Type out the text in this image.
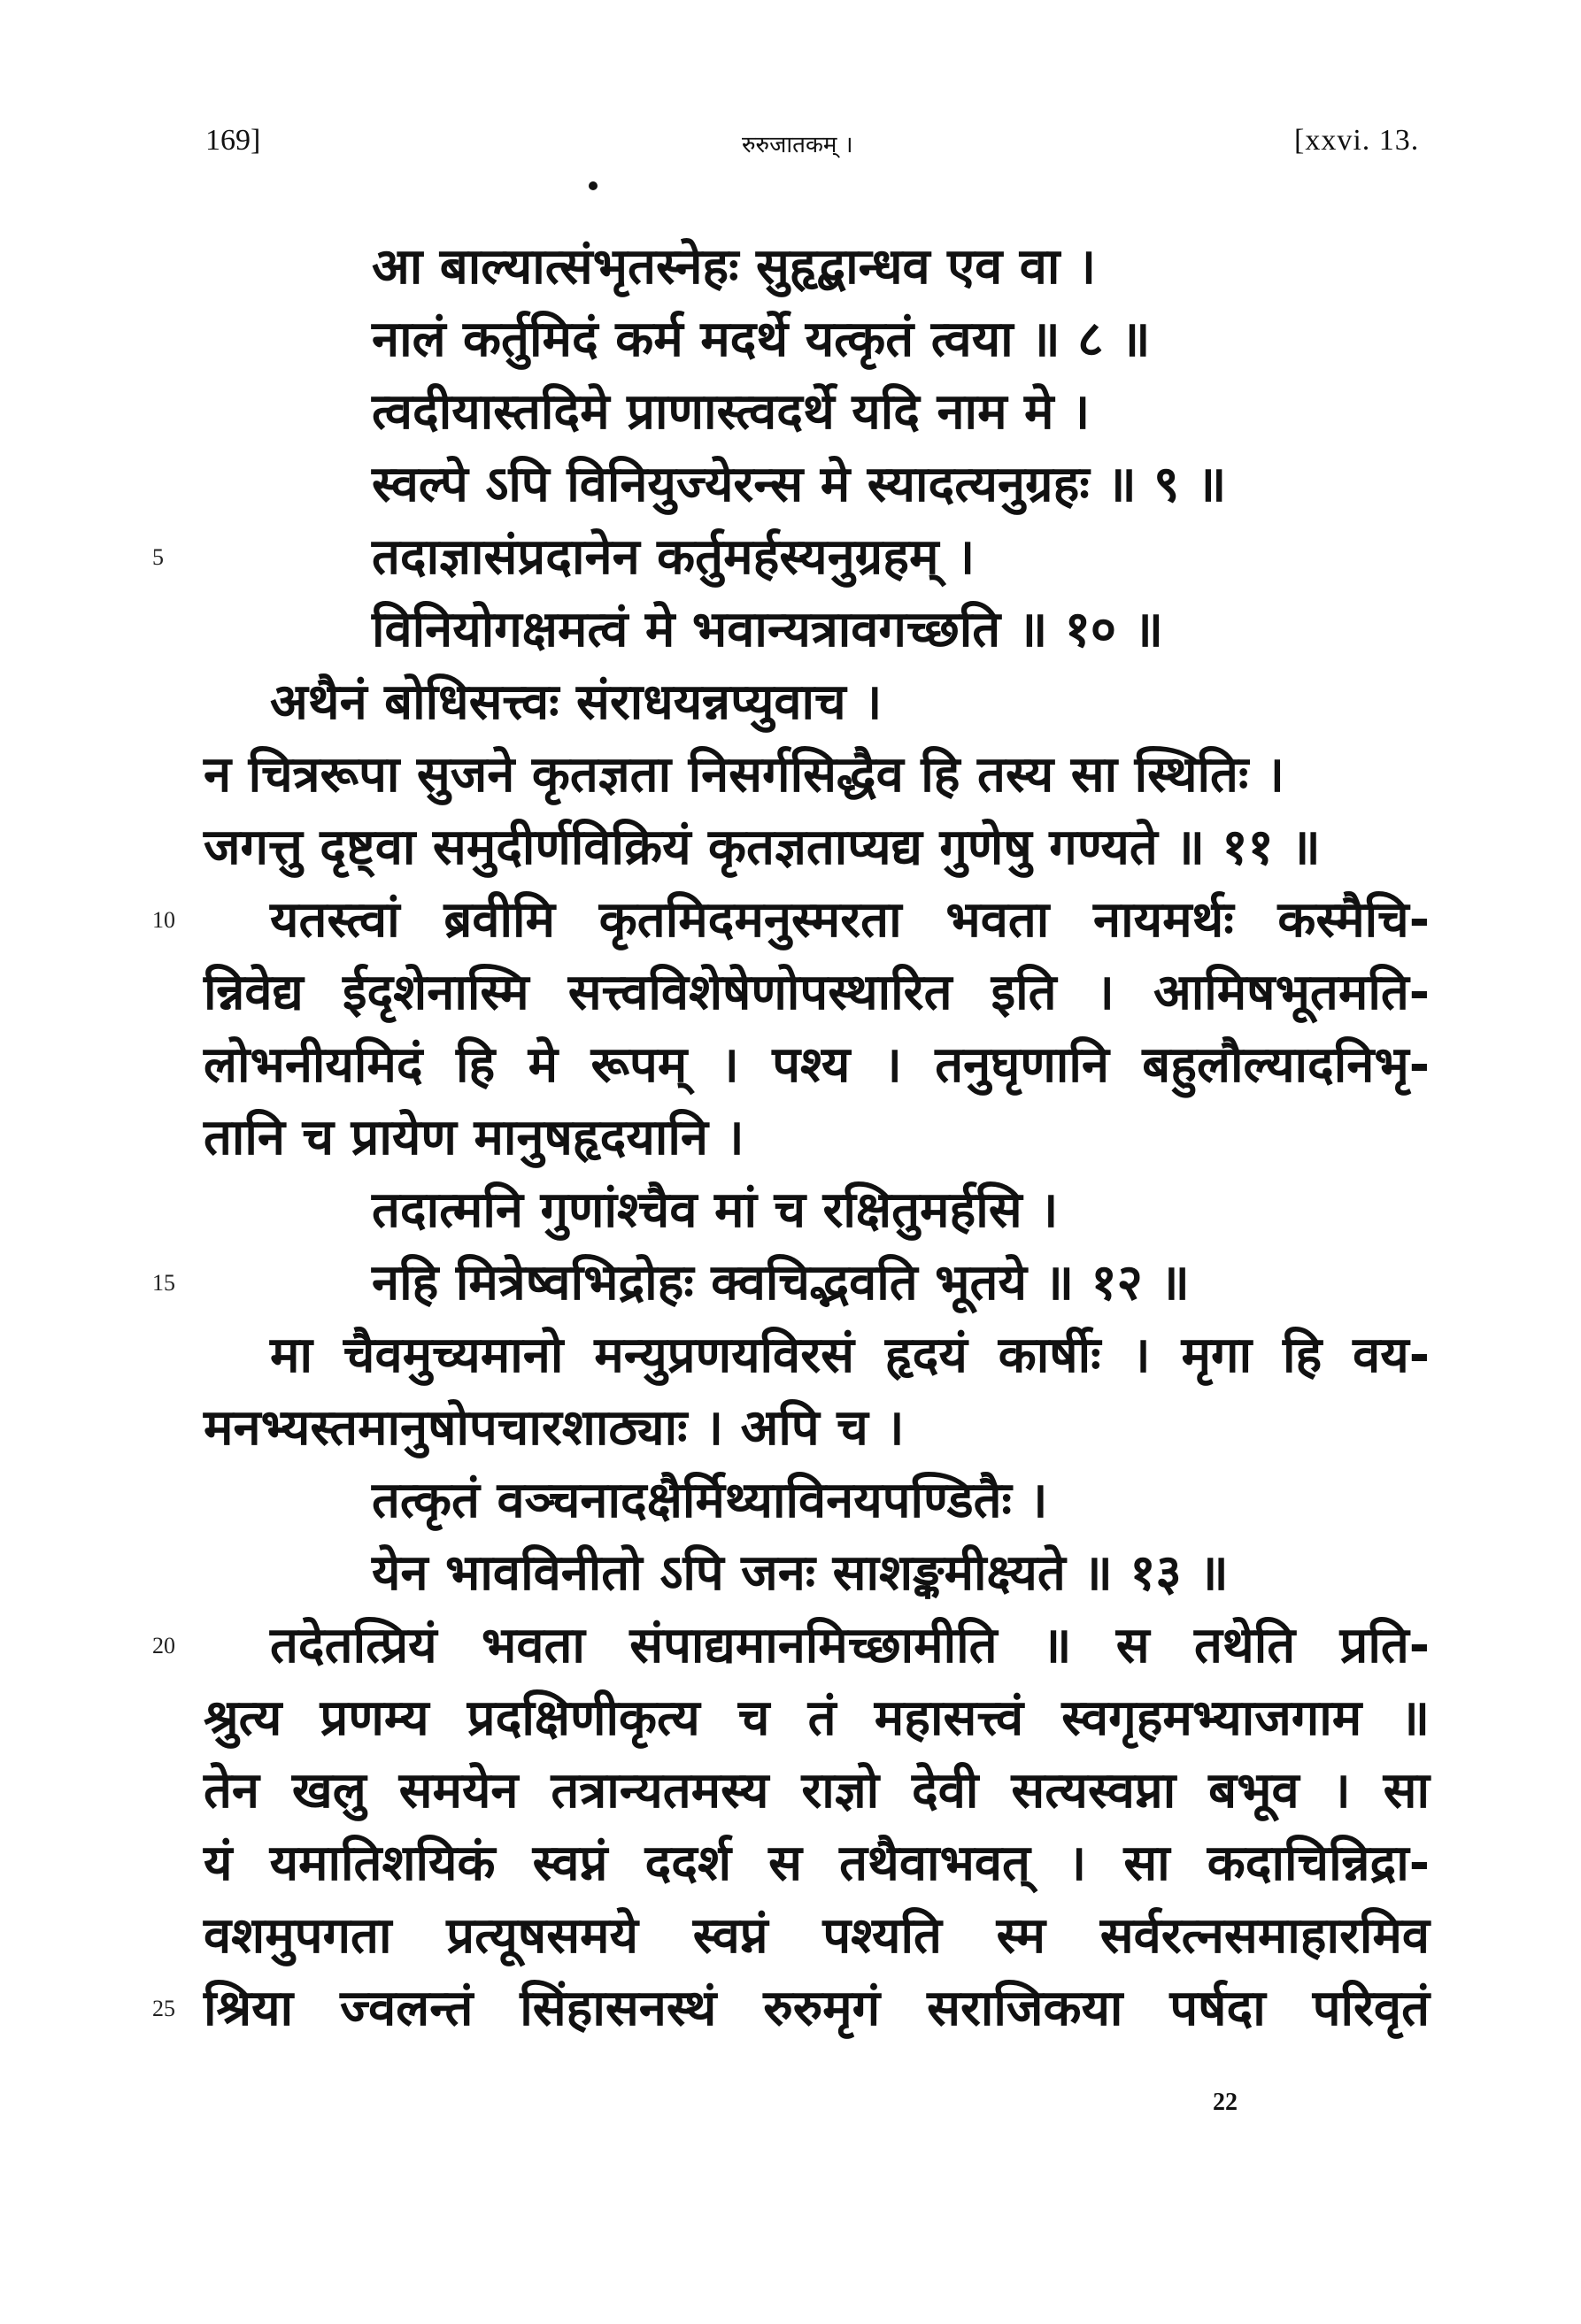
169]	रुरुजातकम् ।	[xxvi. 13.
आ बाल्यात्संभृतस्नेहः सुहृद्बान्धव एव वा ।
नालं कर्तुमिदं कर्म मदर्थे यत्कृतं त्वया ॥ ८ ॥
त्वदीयास्तदिमे प्राणास्त्वदर्थे यदि नाम मे ।
स्वल्पे ऽपि विनियुज्येरन्स मे स्यादत्यनुग्रहः ॥ ९ ॥
तदाज्ञासंप्रदानेन कर्तुमर्हस्यनुग्रहम् ।
विनियोगक्षमत्वं मे भवान्यत्रावगच्छति ॥ १० ॥
अथैनं बोधिसत्त्वः संराधयन्नप्युवाच ।
न चित्ररूपा सुजने कृतज्ञता निसर्गसिद्धैव हि तस्य सा स्थितिः ।
जगत्तु दृष्ट्वा समुदीर्णविक्रियं कृतज्ञताप्यद्य गुणेषु गण्यते ॥ ११ ॥
यतस्त्वां ब्रवीमि कृतमिदमनुस्मरता भवता नायमर्थः कस्मैचि-
न्निवेद्य ईदृशेनास्मि सत्त्वविशेषेणोपस्थारित इति । आमिषभूतमति-
लोभनीयमिदं हि मे रूपम् । पश्य । तनुघृणानि बहुलौल्यादनिभृ-
तानि च प्रायेण मानुषहृदयानि ।
तदात्मनि गुणांश्चैव मां च रक्षितुमर्हसि ।
नहि मित्रेष्वभिद्रोहः क्वचिद्भवति भूतये ॥ १२ ॥
मा चैवमुच्यमानो मन्युप्रणयविरसं हृदयं कार्षीः । मृगा हि वय-
मनभ्यस्तमानुषोपचारशाठ्याः । अपि च ।
तत्कृतं वञ्चनादक्षैर्मिथ्याविनयपण्डितैः ।
येन भावविनीतो ऽपि जनः साशङ्कमीक्ष्यते ॥ १३ ॥
तदेतत्प्रियं भवता संपाद्यमानमिच्छामीति ॥ स तथेति प्रति-
श्रुत्य प्रणम्य प्रदक्षिणीकृत्य च तं महासत्त्वं स्वगृहमभ्याजगाम ॥
तेन खलु समयेन तत्रान्यतमस्य राज्ञो देवी सत्यस्वप्ना बभूव । सा
यं यमातिशयिकं स्वप्नं ददर्श स तथैवाभवत् । सा कदाचिन्निद्रा-
वशमुपगता प्रत्यूषसमये स्वप्नं पश्यति स्म सर्वरत्नसमाहारमिव
श्रिया ज्वलन्तं सिंहासनस्थं रुरुमृगं सराजिकया पर्षदा परिवृतं
5
10
15
20
25
22
